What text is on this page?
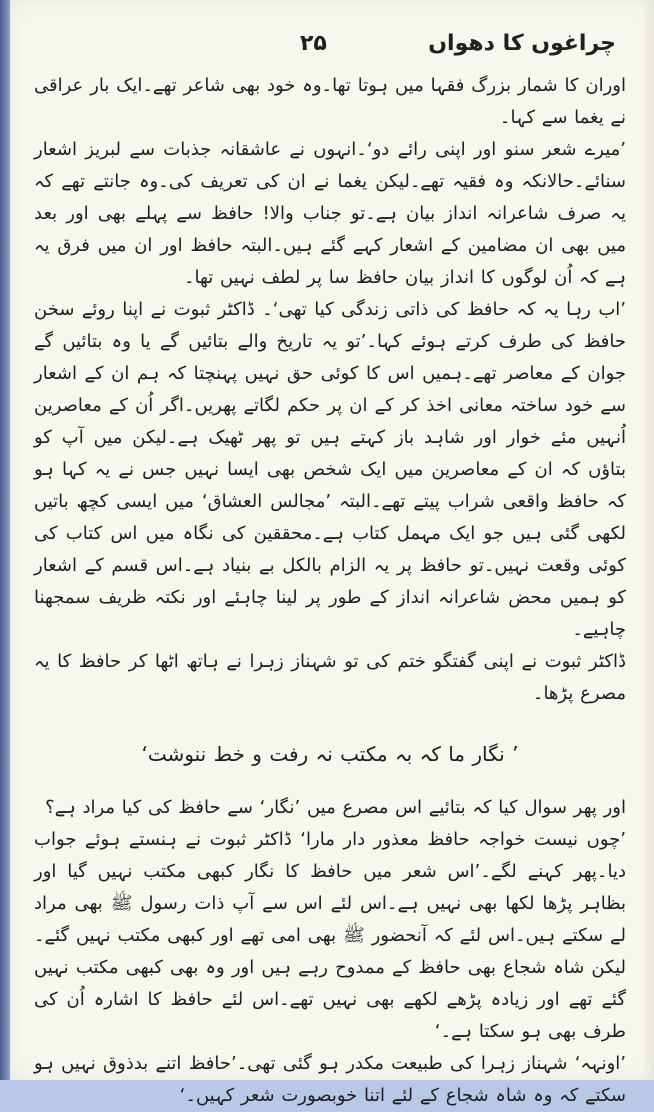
چراغوں کا دھواں
۲۵

اوران کا شمار بزرگ فقہا میں ہوتا تھا۔وہ خود بھی شاعر تھے۔ایک بار عراقی نے یغما سے کہا۔

’میرے شعر سنو اور اپنی رائے دو‘۔انہوں نے عاشقانہ جذبات سے لبریز اشعار سنائے۔حالانکہ وہ فقیہ تھے۔لیکن یغما نے ان کی تعریف کی۔وہ جانتے تھے کہ یہ صرف شاعرانہ انداز بیان ہے۔تو جناب والا! حافظ سے پہلے بھی اور بعد میں بھی ان مضامین کے اشعار کہے گئے ہیں۔البتہ حافظ اور ان میں فرق یہ ہے کہ اُن لوگوں کا انداز بیان حافظ سا پر لطف نہیں تھا۔

’اب رہا یہ کہ حافظ کی ذاتی زندگی کیا تھی‘۔ ڈاکٹر ثبوت نے اپنا روئے سخن حافظ کی طرف کرتے ہوئے کہا۔’تو یہ تاریخ والے بتائیں گے یا وہ بتائیں گے جوان کے معاصر تھے۔ہمیں اس کا کوئی حق نہیں پہنچتا کہ ہم ان کے اشعار سے خود ساختہ معانی اخذ کر کے ان پر حکم لگاتے پھریں۔اگر اُن کے معاصرین اُنہیں مئے خوار اور شاہد باز کہتے ہیں تو پھر ٹھیک ہے۔لیکن میں آپ کو بتاؤں کہ ان کے معاصرین میں ایک شخص بھی ایسا نہیں جس نے یہ کہا ہو کہ حافظ واقعی شراب پیتے تھے۔البتہ ’مجالس العشاق‘ میں ایسی کچھ باتیں لکھی گئی ہیں جو ایک مہمل کتاب ہے۔محققین کی نگاہ میں اس کتاب کی کوئی وقعت نہیں۔تو حافظ پر یہ الزام بالکل بے بنیاد ہے۔اس قسم کے اشعار کو ہمیں محض شاعرانہ انداز کے طور پر لینا چاہئے اور نکتہ ظریف سمجھنا چاہیے۔

ڈاکٹر ثبوت نے اپنی گفتگو ختم کی تو شہناز زہرا نے ہاتھ اٹھا کر حافظ کا یہ مصرع پڑھا۔

’ نگار ما کہ بہ مکتب نہ رفت و خط ننوشت‘

اور پھر سوال کیا کہ بتائیے اس مصرع میں ’نگار‘ سے حافظ کی کیا مراد ہے؟

’چوں نیست خواجہ حافظ معذور دار مارا‘ ڈاکٹر ثبوت نے ہنستے ہوئے جواب دیا۔پھر کہنے لگے۔’اس شعر میں حافظ کا نگار کبھی مکتب نہیں گیا اور بظاہر پڑھا لکھا بھی نہیں ہے۔اس لئے اس سے آپ ذات رسول ﷺ بھی مراد لے سکتے ہیں۔اس لئے کہ آنحضور ﷺ بھی امی تھے اور کبھی مکتب نہیں گئے۔لیکن شاہ شجاع بھی حافظ کے ممدوح رہے ہیں اور وہ بھی کبھی مکتب نہیں گئے تھے اور زیادہ پڑھے لکھے بھی نہیں تھے۔اس لئے حافظ کا اشارہ اُن کی طرف بھی ہو سکتا ہے۔‘

’اونہہ‘ شہناز زہرا کی طبیعت مکدر ہو گئی تھی۔’حافظ اتنے بدذوق نہیں ہو سکتے کہ وہ شاہ شجاع کے لئے اتنا خوبصورت شعر کہیں۔‘
